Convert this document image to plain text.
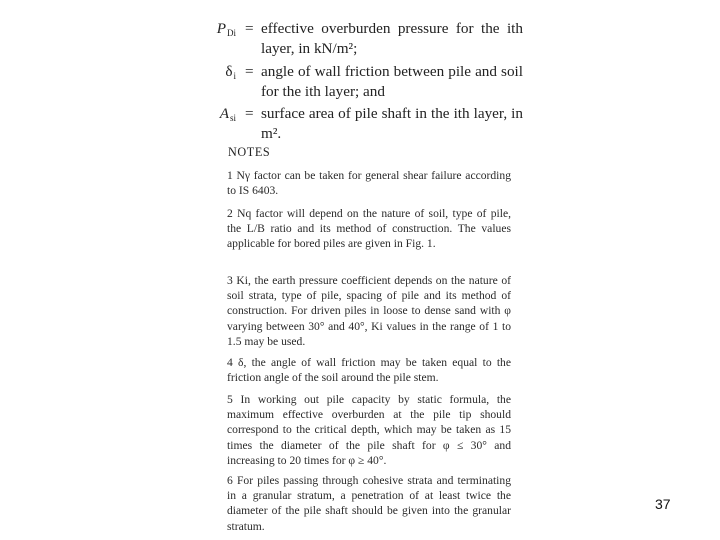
$P_{Di}$ = effective overburden pressure for the ith layer, in kN/m²;
$\delta_i$ = angle of wall friction between pile and soil for the ith layer; and
$A_{si}$ = surface area of pile shaft in the ith layer, in m².
NOTES
1 Nγ factor can be taken for general shear failure according to IS 6403.
2 Nq factor will depend on the nature of soil, type of pile, the L/B ratio and its method of construction. The values applicable for bored piles are given in Fig. 1.
3 Ki, the earth pressure coefficient depends on the nature of soil strata, type of pile, spacing of pile and its method of construction. For driven piles in loose to dense sand with φ varying between 30° and 40°, Ki values in the range of 1 to 1.5 may be used.
4 δ, the angle of wall friction may be taken equal to the friction angle of the soil around the pile stem.
5 In working out pile capacity by static formula, the maximum effective overburden at the pile tip should correspond to the critical depth, which may be taken as 15 times the diameter of the pile shaft for φ ≤ 30° and increasing to 20 times for φ ≥ 40°.
6 For piles passing through cohesive strata and terminating in a granular stratum, a penetration of at least twice the diameter of the pile shaft should be given into the granular stratum.
37
